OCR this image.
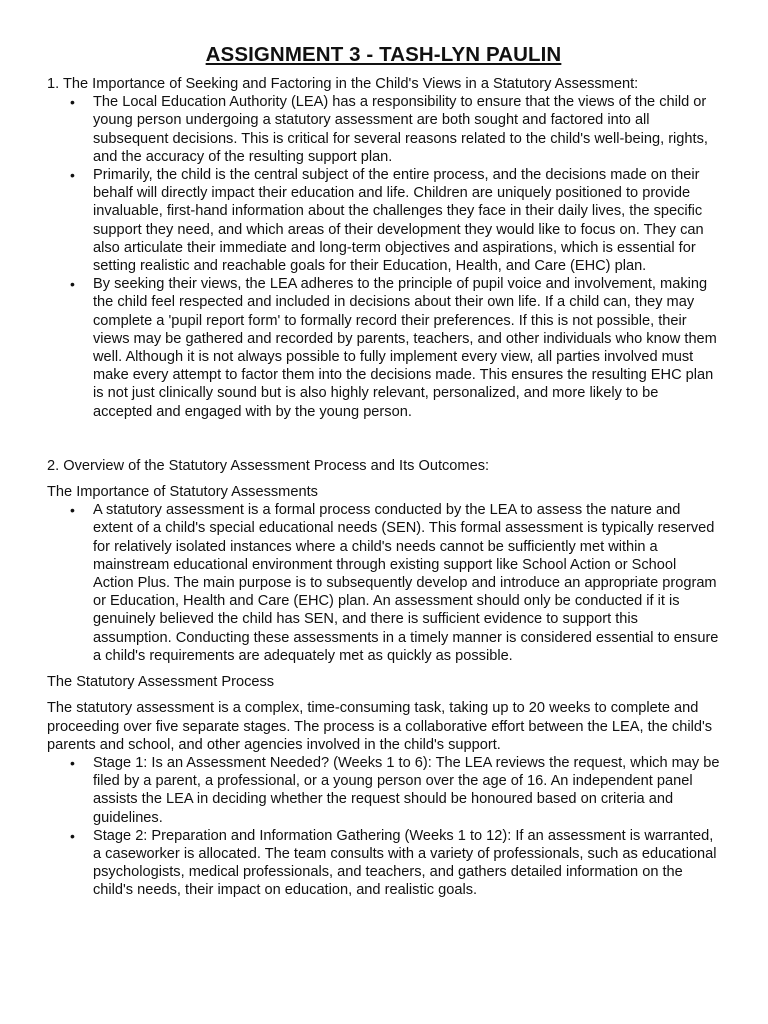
ASSIGNMENT 3 - TASH-LYN PAULIN

1. The Importance of Seeking and Factoring in the Child's Views in a Statutory Assessment:

• The Local Education Authority (LEA) has a responsibility to ensure that the views of the child or young person undergoing a statutory assessment are both sought and factored into all subsequent decisions. This is critical for several reasons related to the child's well-being, rights, and the accuracy of the resulting support plan.
• Primarily, the child is the central subject of the entire process, and the decisions made on their behalf will directly impact their education and life. Children are uniquely positioned to provide invaluable, first-hand information about the challenges they face in their daily lives, the specific support they need, and which areas of their development they would like to focus on. They can also articulate their immediate and long-term objectives and aspirations, which is essential for setting realistic and reachable goals for their Education, Health, and Care (EHC) plan.
• By seeking their views, the LEA adheres to the principle of pupil voice and involvement, making the child feel respected and included in decisions about their own life. If a child can, they may complete a 'pupil report form' to formally record their preferences. If this is not possible, their views may be gathered and recorded by parents, teachers, and other individuals who know them well. Although it is not always possible to fully implement every view, all parties involved must make every attempt to factor them into the decisions made. This ensures the resulting EHC plan is not just clinically sound but is also highly relevant, personalized, and more likely to be accepted and engaged with by the young person.

2. Overview of the Statutory Assessment Process and Its Outcomes:

The Importance of Statutory Assessments

• A statutory assessment is a formal process conducted by the LEA to assess the nature and extent of a child's special educational needs (SEN). This formal assessment is typically reserved for relatively isolated instances where a child's needs cannot be sufficiently met within a mainstream educational environment through existing support like School Action or School Action Plus. The main purpose is to subsequently develop and introduce an appropriate program or Education, Health and Care (EHC) plan. An assessment should only be conducted if it is genuinely believed the child has SEN, and there is sufficient evidence to support this assumption. Conducting these assessments in a timely manner is considered essential to ensure a child's requirements are adequately met as quickly as possible.

The Statutory Assessment Process

The statutory assessment is a complex, time-consuming task, taking up to 20 weeks to complete and proceeding over five separate stages. The process is a collaborative effort between the LEA, the child's parents and school, and other agencies involved in the child's support.

• Stage 1: Is an Assessment Needed? (Weeks 1 to 6): The LEA reviews the request, which may be filed by a parent, a professional, or a young person over the age of 16. An independent panel assists the LEA in deciding whether the request should be honoured based on criteria and guidelines.
• Stage 2: Preparation and Information Gathering (Weeks 1 to 12): If an assessment is warranted, a caseworker is allocated. The team consults with a variety of professionals, such as educational psychologists, medical professionals, and teachers, and gathers detailed information on the child's needs, their impact on education, and realistic goals.
